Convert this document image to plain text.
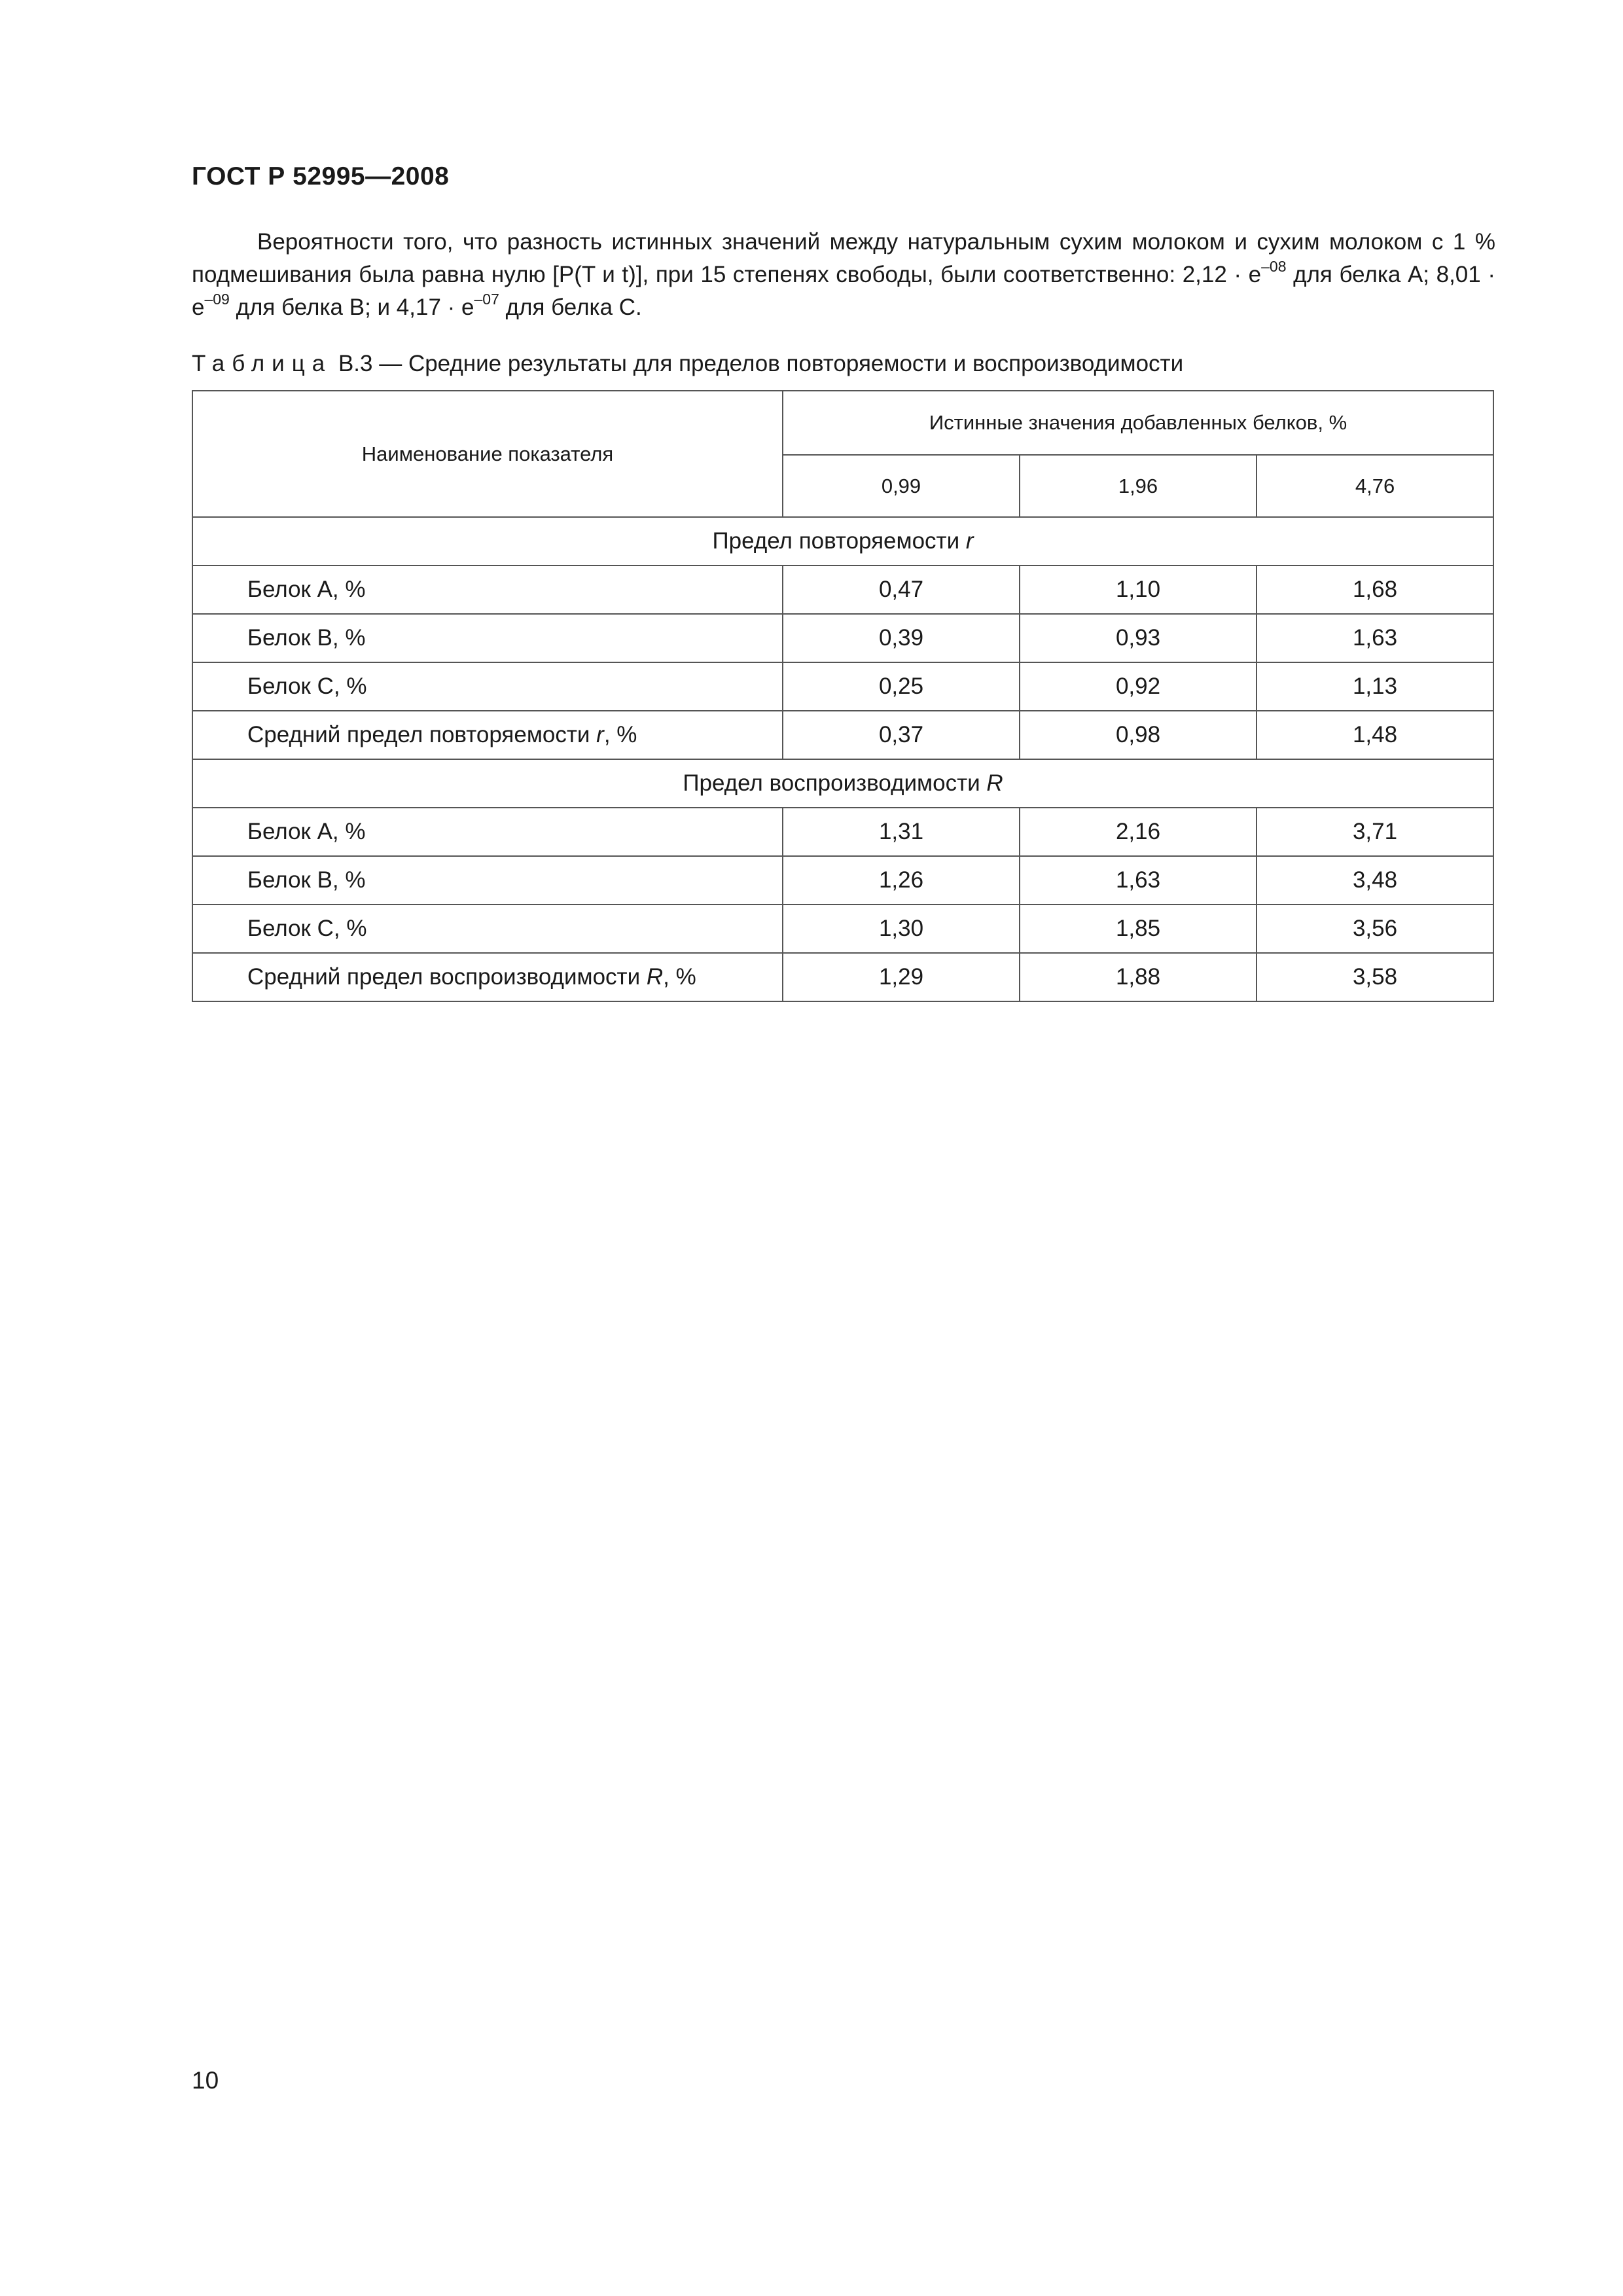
ГОСТ Р 52995—2008

Вероятности того, что разность истинных значений между натуральным сухим молоком и сухим молоком с 1 % подмешивания была равна нулю [P(T и t)], при 15 степенях свободы, были соответственно: $2,12 \cdot e^{-08}$ для белка А; $8,01 \cdot e^{-09}$ для белка В; и $4,17 \cdot e^{-07}$ для белка С.

Таблица В.3 — Средние результаты для пределов повторяемости и воспроизводимости
Наименование показателя	Истинные значения добавленных белков, %		
	0,99	1,96	4,76
Предел повторяемости r			
Белок А, %	0,47	1,10	1,68
Белок В, %	0,39	0,93	1,63
Белок С, %	0,25	0,92	1,13
Средний предел повторяемости r, %	0,37	0,98	1,48
Предел воспроизводимости R			
Белок А, %	1,31	2,16	3,71
Белок В, %	1,26	1,63	3,48
Белок С, %	1,30	1,85	3,56
Средний предел воспроизводимости R, %	1,29	1,88	3,58
10
